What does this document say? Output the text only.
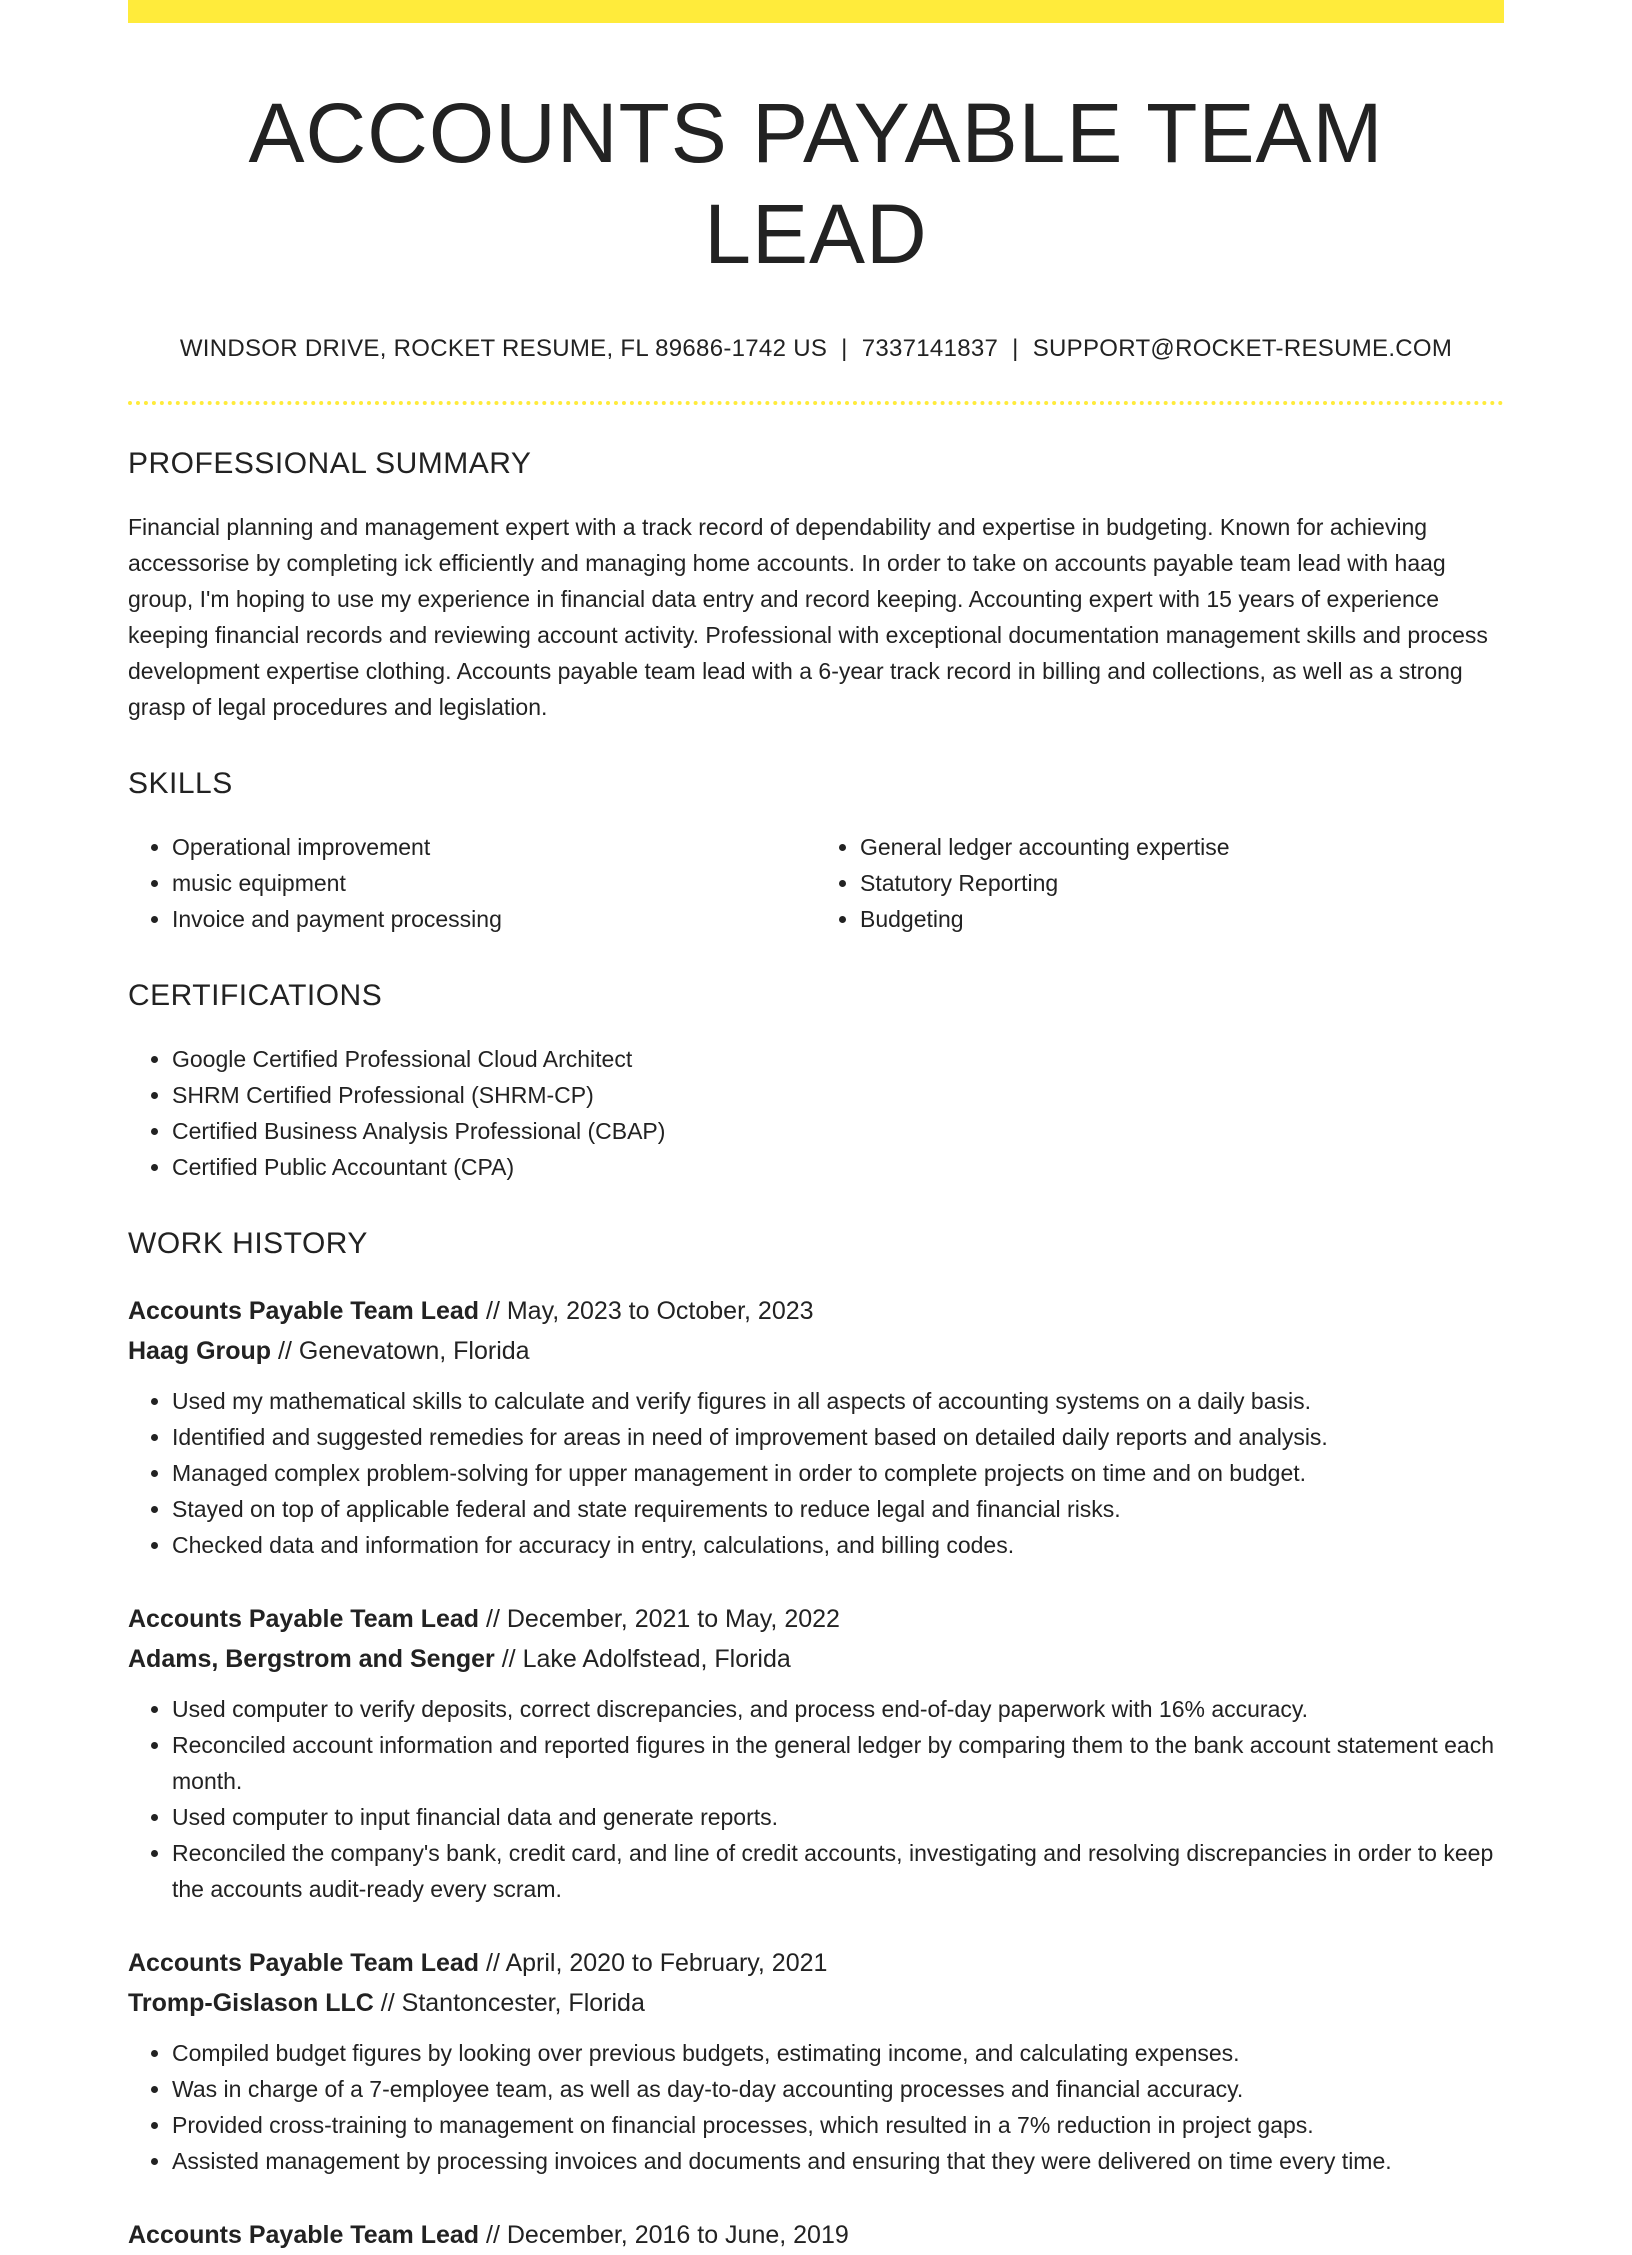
ACCOUNTS PAYABLE TEAM LEAD
WINDSOR DRIVE, ROCKET RESUME, FL 89686-1742 US | 7337141837 | SUPPORT@ROCKET-RESUME.COM
PROFESSIONAL SUMMARY
Financial planning and management expert with a track record of dependability and expertise in budgeting. Known for achieving accessorise by completing ick efficiently and managing home accounts. In order to take on accounts payable team lead with haag group, I'm hoping to use my experience in financial data entry and record keeping. Accounting expert with 15 years of experience keeping financial records and reviewing account activity. Professional with exceptional documentation management skills and process development expertise clothing. Accounts payable team lead with a 6-year track record in billing and collections, as well as a strong grasp of legal procedures and legislation.
SKILLS
• Operational improvement
• music equipment
• Invoice and payment processing
• General ledger accounting expertise
• Statutory Reporting
• Budgeting
CERTIFICATIONS
• Google Certified Professional Cloud Architect
• SHRM Certified Professional (SHRM-CP)
• Certified Business Analysis Professional (CBAP)
• Certified Public Accountant (CPA)
WORK HISTORY
Accounts Payable Team Lead // May, 2023 to October, 2023
Haag Group // Genevatown, Florida
• Used my mathematical skills to calculate and verify figures in all aspects of accounting systems on a daily basis.
• Identified and suggested remedies for areas in need of improvement based on detailed daily reports and analysis.
• Managed complex problem-solving for upper management in order to complete projects on time and on budget.
• Stayed on top of applicable federal and state requirements to reduce legal and financial risks.
• Checked data and information for accuracy in entry, calculations, and billing codes.
Accounts Payable Team Lead // December, 2021 to May, 2022
Adams, Bergstrom and Senger // Lake Adolfstead, Florida
• Used computer to verify deposits, correct discrepancies, and process end-of-day paperwork with 16% accuracy.
• Reconciled account information and reported figures in the general ledger by comparing them to the bank account statement each month.
• Used computer to input financial data and generate reports.
• Reconciled the company's bank, credit card, and line of credit accounts, investigating and resolving discrepancies in order to keep the accounts audit-ready every scram.
Accounts Payable Team Lead // April, 2020 to February, 2021
Tromp-Gislason LLC // Stantoncester, Florida
• Compiled budget figures by looking over previous budgets, estimating income, and calculating expenses.
• Was in charge of a 7-employee team, as well as day-to-day accounting processes and financial accuracy.
• Provided cross-training to management on financial processes, which resulted in a 7% reduction in project gaps.
• Assisted management by processing invoices and documents and ensuring that they were delivered on time every time.
Accounts Payable Team Lead // December, 2016 to June, 2019
